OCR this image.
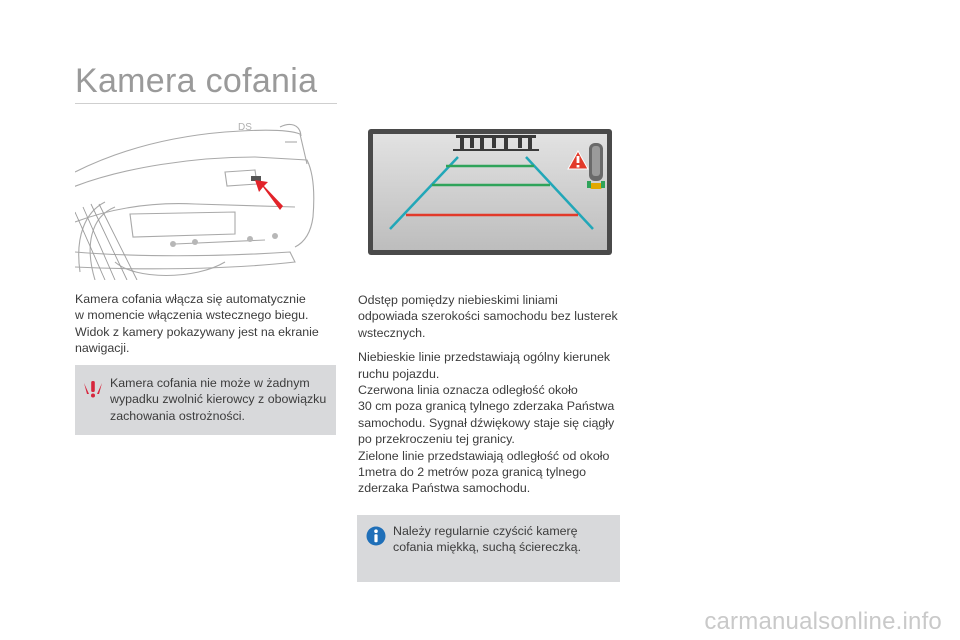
Kamera cofania
DS
Kamera cofania włącza się automatycznie
w momencie włączenia wstecznego biegu.
Widok z kamery pokazywany jest na ekranie
nawigacji.
Kamera cofania nie może w żadnym
wypadku zwolnić kierowcy z obowiązku
zachowania ostrożności.

Odstęp pomiędzy niebieskimi liniami
odpowiada szerokości samochodu bez lusterek
wstecznych.

Niebieskie linie przedstawiają ogólny kierunek
ruchu pojazdu.
Czerwona linia oznacza odległość około
30 cm poza granicą tylnego zderzaka Państwa
samochodu. Sygnał dźwiękowy staje się ciągły
po przekroczeniu tej granicy.
Zielone linie przedstawiają odległość od około
1metra do 2 metrów poza granicą tylnego
zderzaka Państwa samochodu.

Należy regularnie czyścić kamerę
cofania miękką, suchą ściereczką.
carmanualsonline.info
